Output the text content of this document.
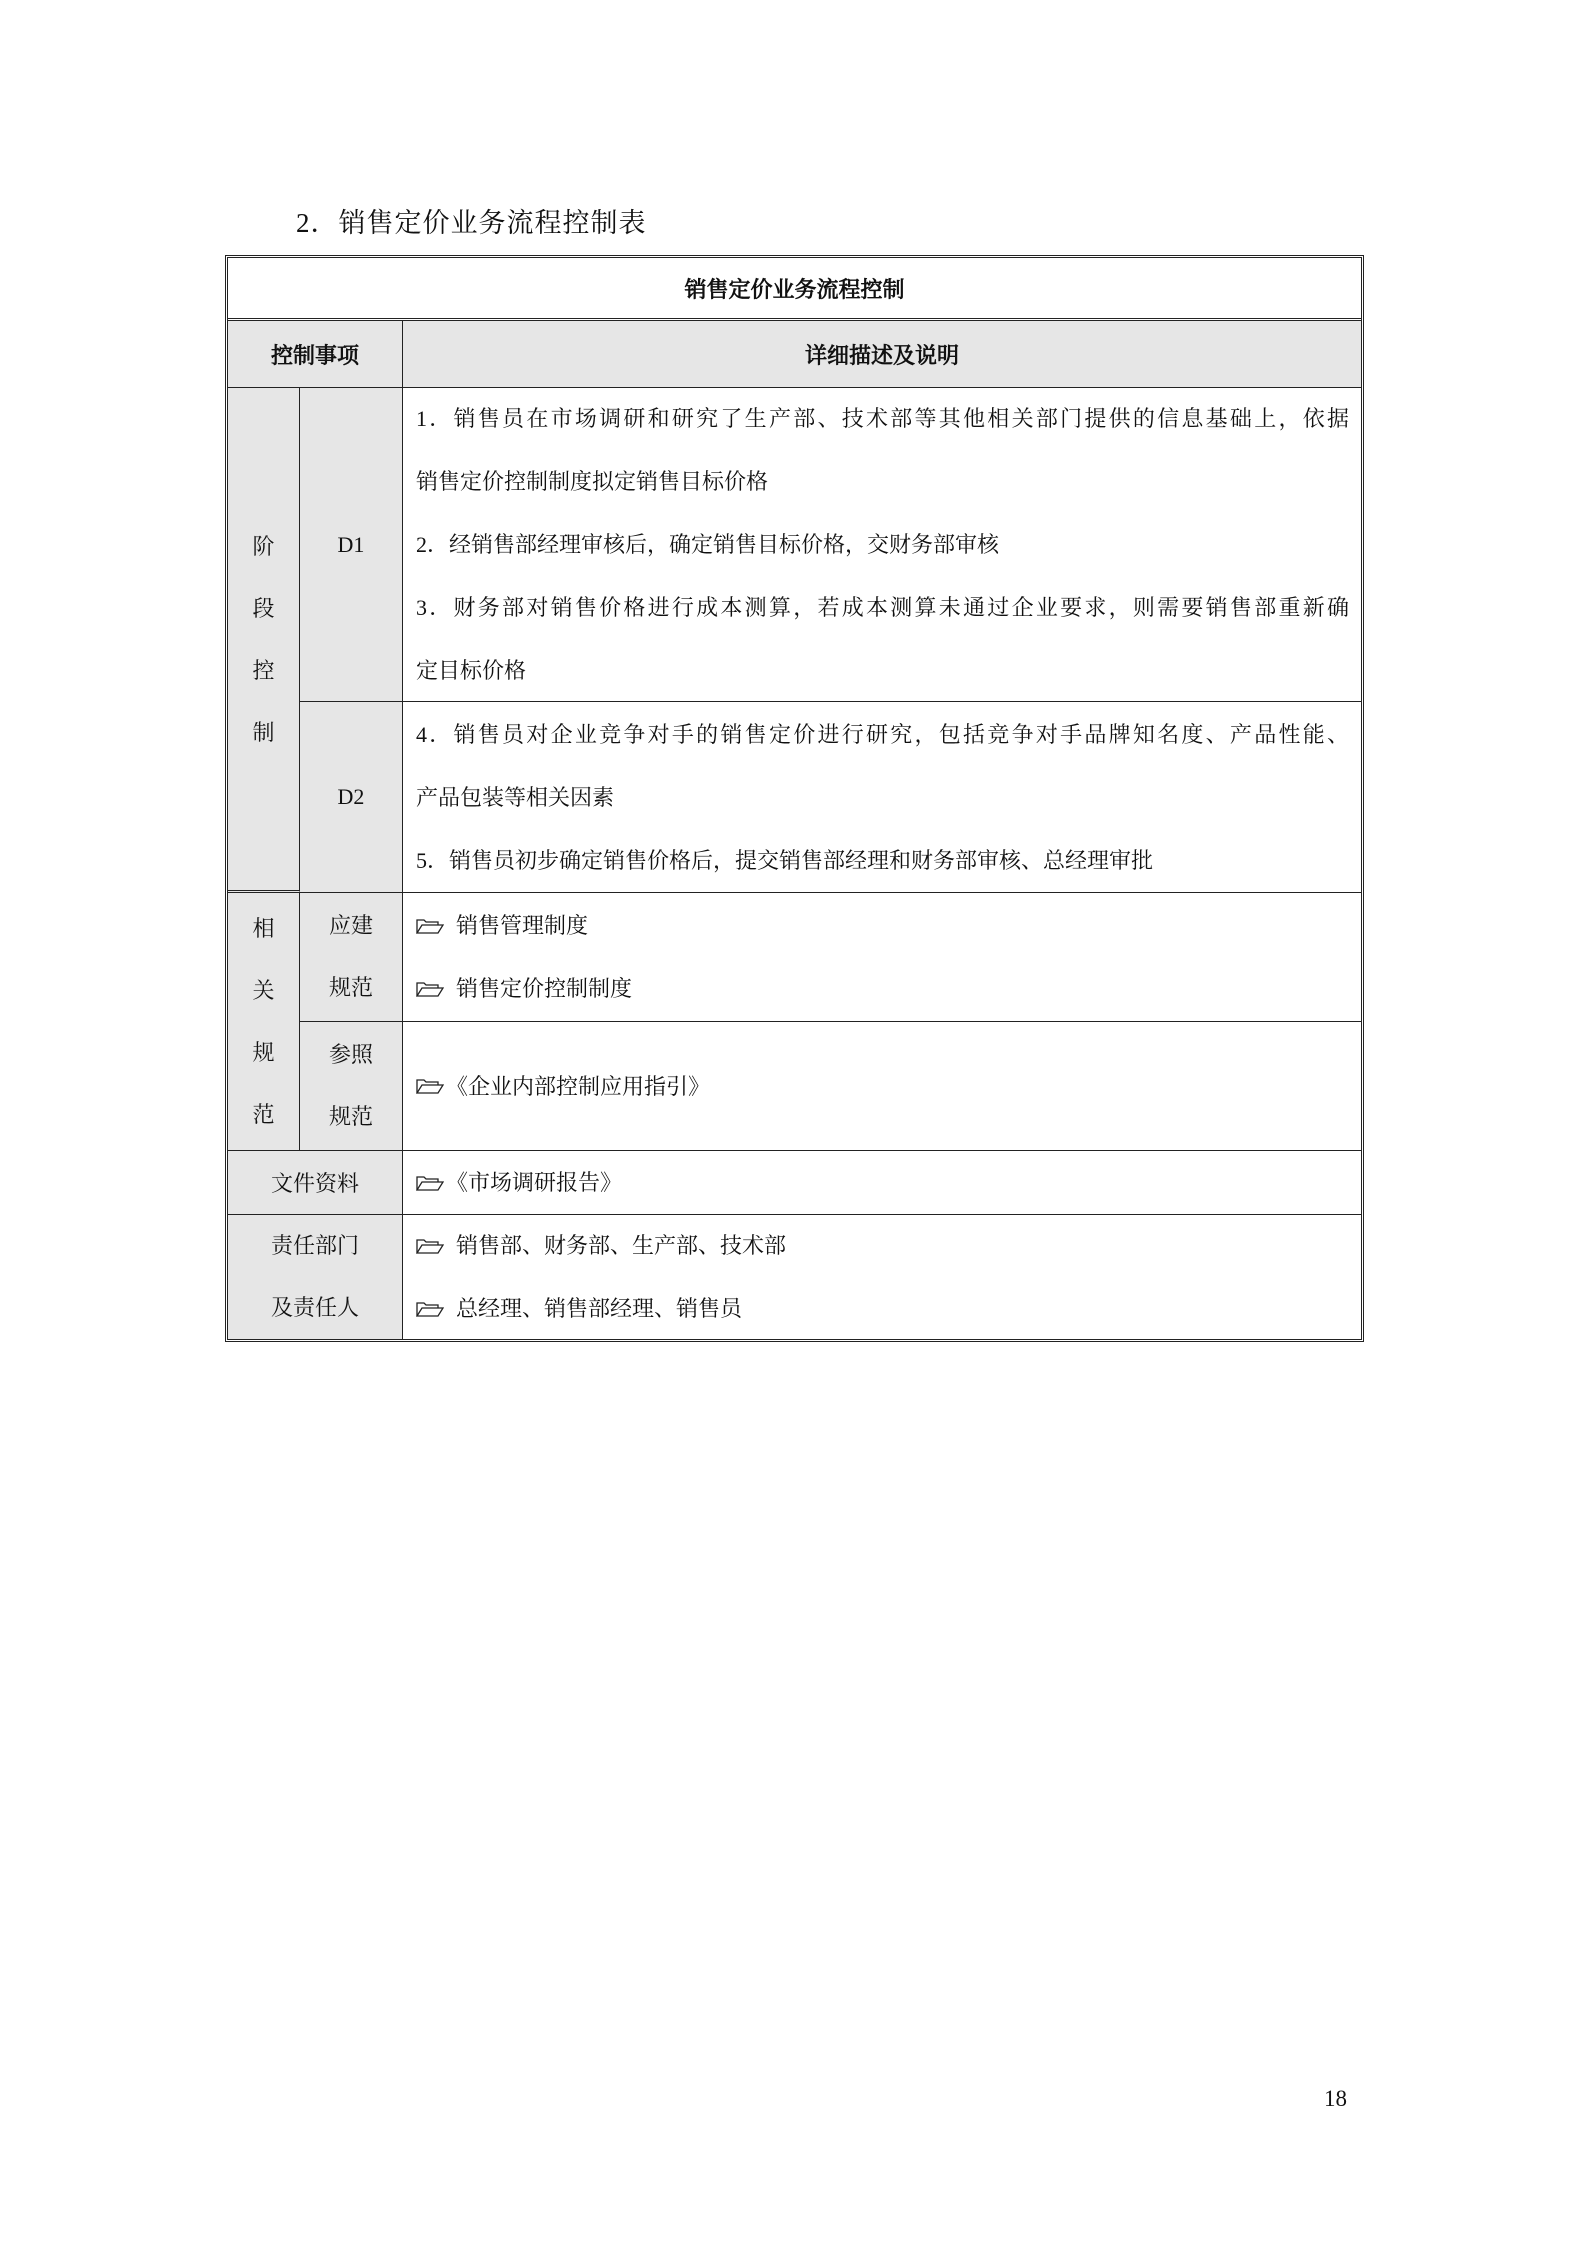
2．销售定价业务流程控制表
销售定价业务流程控制
控制事项	详细描述及说明
阶
段
控
制
D1
1．销售员在市场调研和研究了生产部、技术部等其他相关部门提供的信息基础上，依据
销售定价控制制度拟定销售目标价格
2．经销售部经理审核后，确定销售目标价格，交财务部审核
3．财务部对销售价格进行成本测算，若成本测算未通过企业要求，则需要销售部重新确
定目标价格
D2
4．销售员对企业竞争对手的销售定价进行研究，包括竞争对手品牌知名度、产品性能、
产品包装等相关因素
5．销售员初步确定销售价格后，提交销售部经理和财务部审核、总经理审批
相
关
规
范
应建
规范
销售管理制度
销售定价控制制度
参照
规范
《企业内部控制应用指引》
文件资料	《市场调研报告》
责任部门
及责任人
销售部、财务部、生产部、技术部
总经理、销售部经理、销售员
18
